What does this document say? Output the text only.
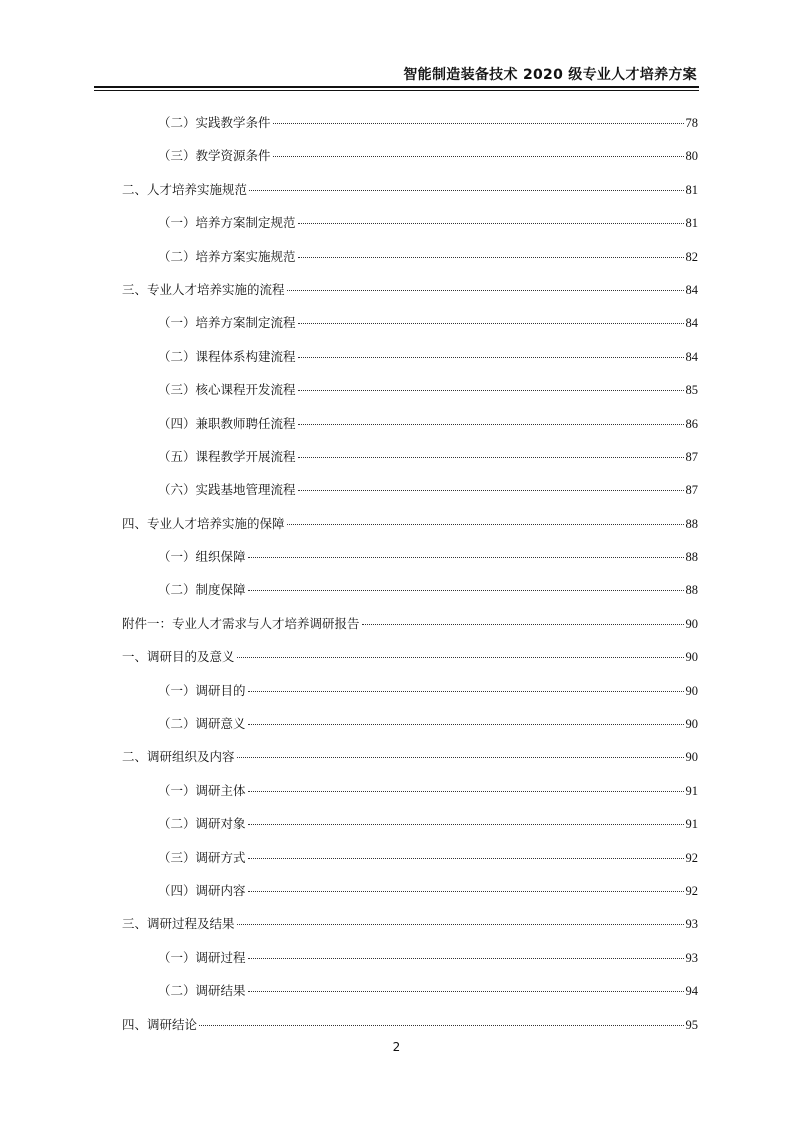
智能制造装备技术 2020 级专业人才培养方案
（二）实践教学条件	78
（三）教学资源条件	80
二、人才培养实施规范	81
（一）培养方案制定规范	81
（二）培养方案实施规范	82
三、专业人才培养实施的流程	84
（一）培养方案制定流程	84
（二）课程体系构建流程	84
（三）核心课程开发流程	85
（四）兼职教师聘任流程	86
（五）课程教学开展流程	87
（六）实践基地管理流程	87
四、专业人才培养实施的保障	88
（一）组织保障	88
（二）制度保障	88
附件一：专业人才需求与人才培养调研报告	90
一、调研目的及意义	90
（一）调研目的	90
（二）调研意义	90
二、调研组织及内容	90
（一）调研主体	91
（二）调研对象	91
（三）调研方式	92
（四）调研内容	92
三、调研过程及结果	93
（一）调研过程	93
（二）调研结果	94
四、调研结论	95
2
